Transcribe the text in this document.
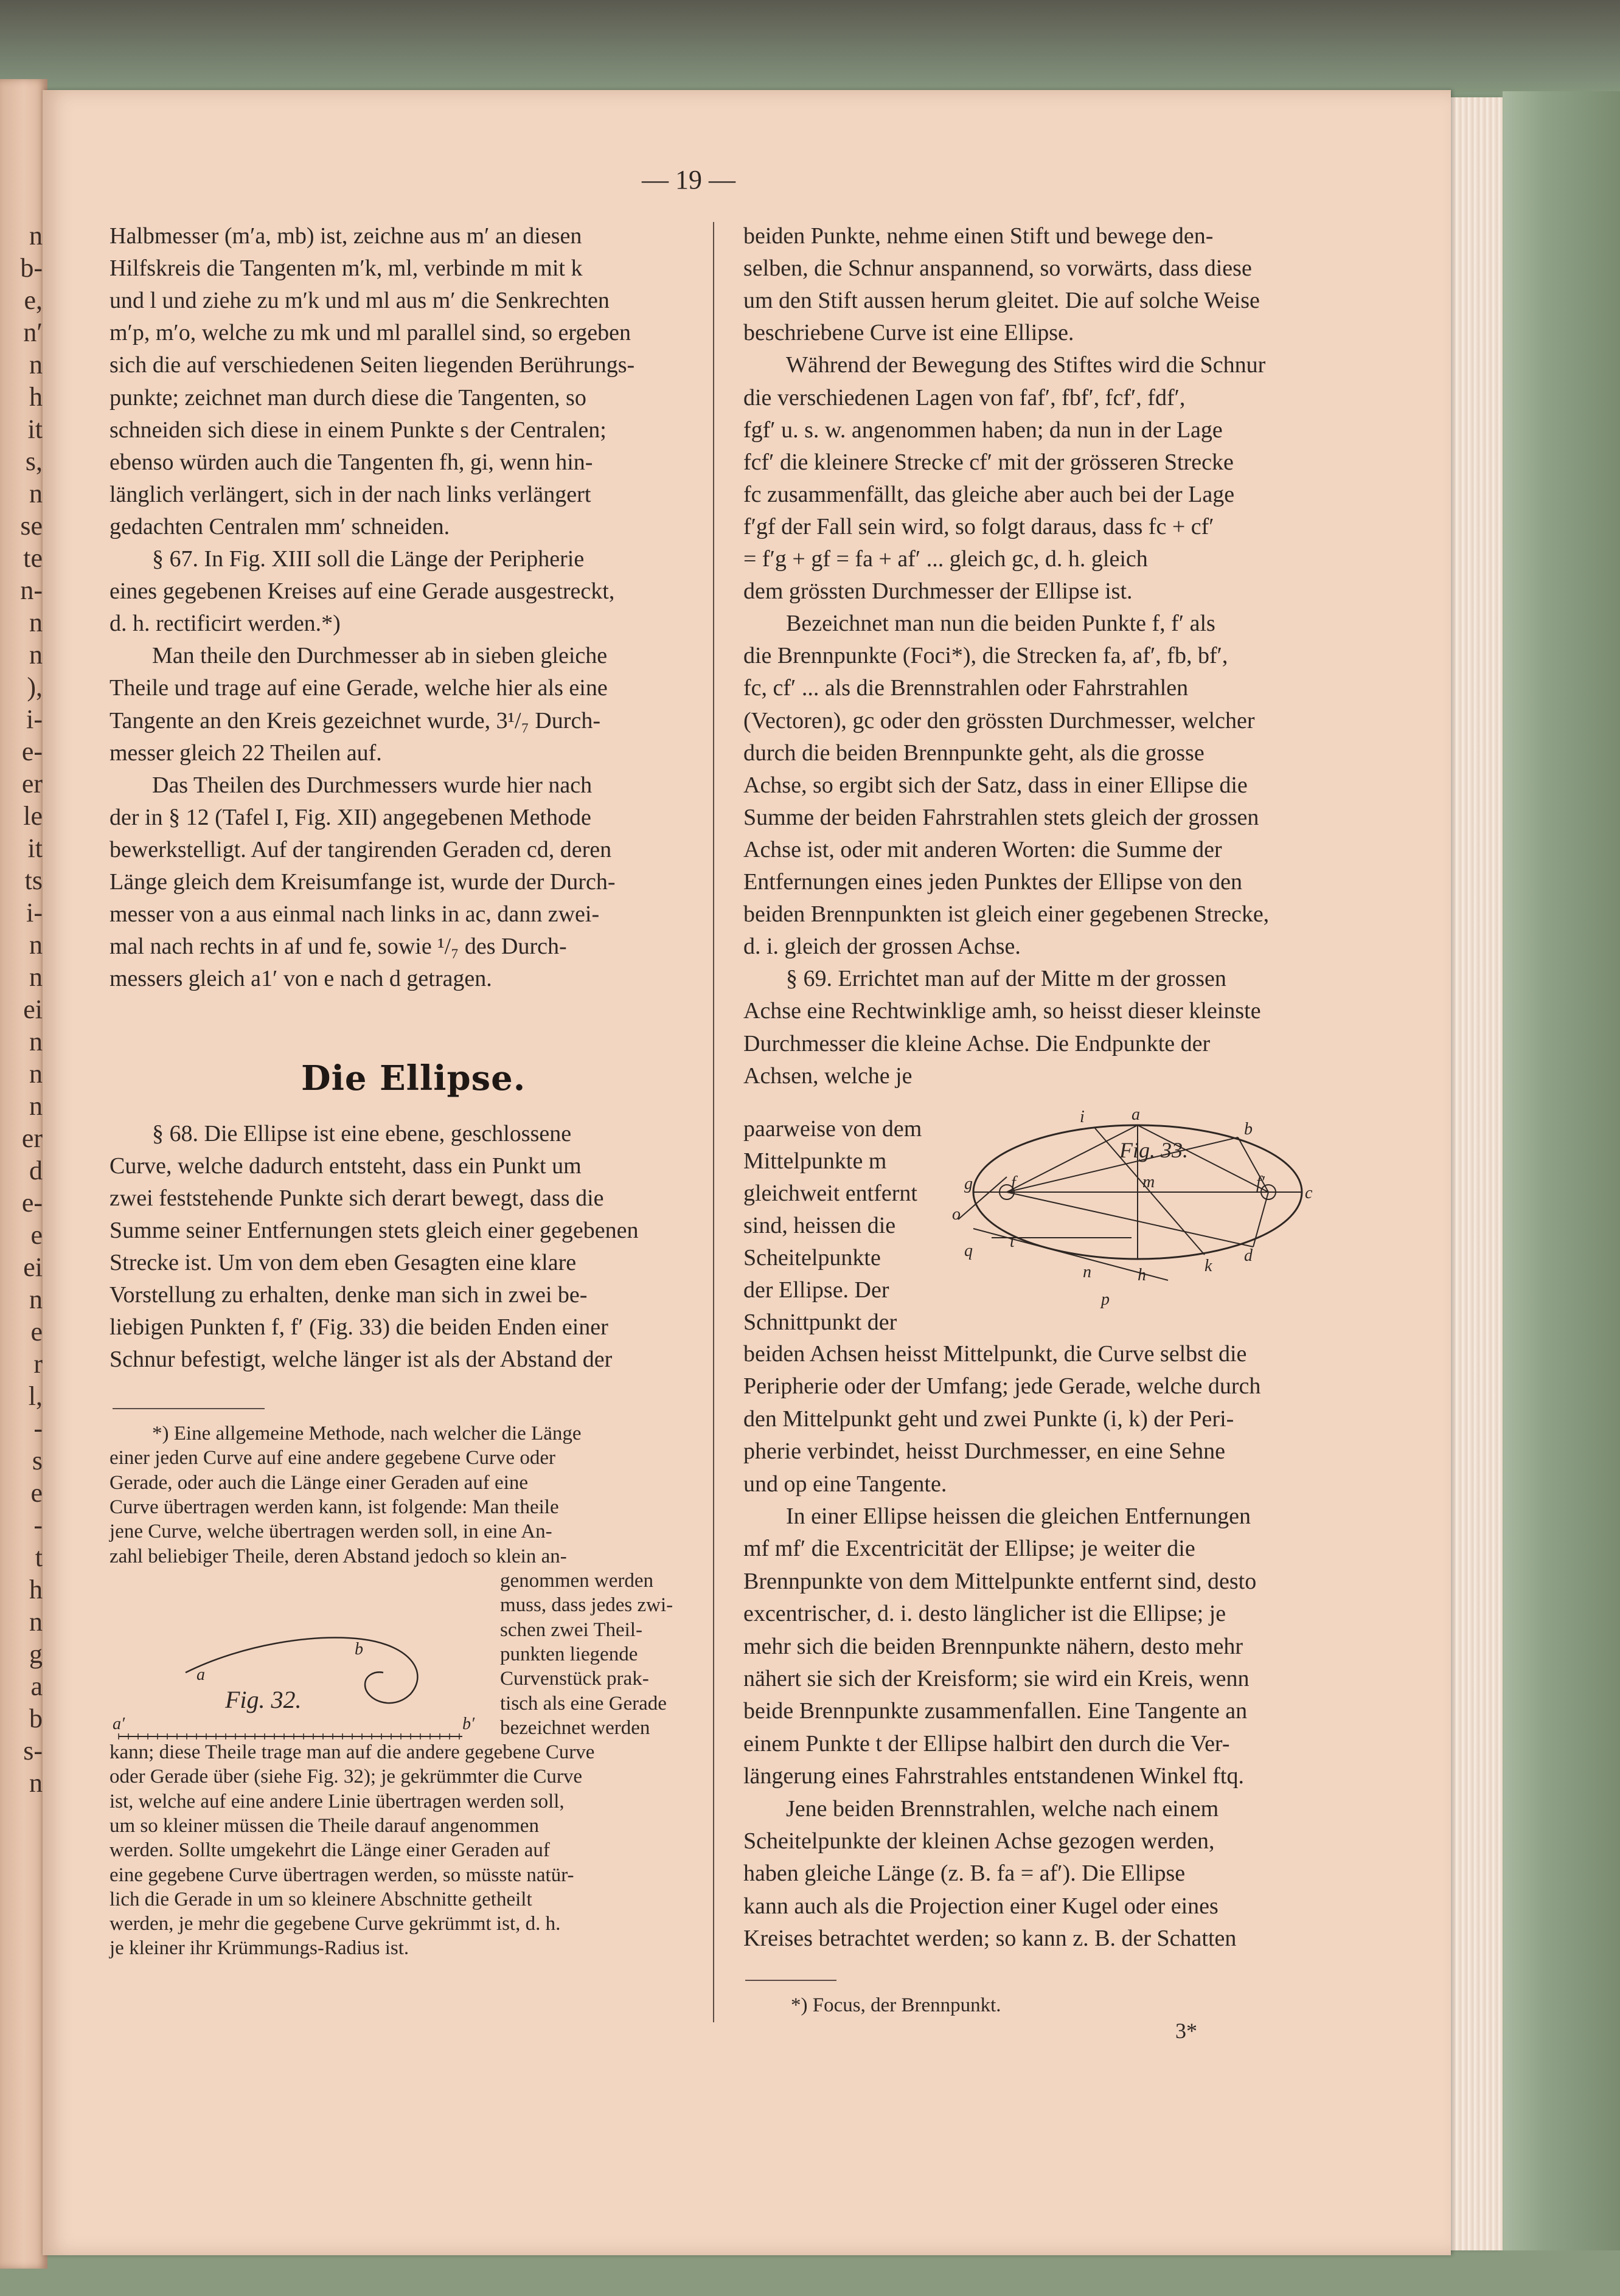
n
b-
e,
n′
n
h
it
s,
n
se
te
n-
n
n
),
i-
e-
er
le
it
ts
i-
n
n
ei
n
n
n
er
d
e-
e
ei
n
e
r
l,
-
s
e
-
t
h
n
g
a
b
s-
n
— 19 —
Halbmesser (m′a, mb) ist, zeichne aus m′ an diesen
Hilfskreis die Tangenten m′k, ml, verbinde m mit k
und l und ziehe zu m′k und ml aus m′ die Senkrechten
m′p, m′o, welche zu mk und ml parallel sind, so ergeben
sich die auf verschiedenen Seiten liegenden Berührungs-
punkte; zeichnet man durch diese die Tangenten, so
schneiden sich diese in einem Punkte s der Centralen;
ebenso würden auch die Tangenten fh, gi, wenn hin-
länglich verlängert, sich in der nach links verlängert
gedachten Centralen mm′ schneiden.
§ 67. In Fig. XIII soll die Länge der Peripherie
eines gegebenen Kreises auf eine Gerade ausgestreckt,
d. h. rectificirt werden.*)
Man theile den Durchmesser ab in sieben gleiche
Theile und trage auf eine Gerade, welche hier als eine
Tangente an den Kreis gezeichnet wurde, 3¹/₇ Durch-
messer gleich 22 Theilen auf.
Das Theilen des Durchmessers wurde hier nach
der in § 12 (Tafel I, Fig. XII) angegebenen Methode
bewerkstelligt. Auf der tangirenden Geraden cd, deren
Länge gleich dem Kreisumfange ist, wurde der Durch-
messer von a aus einmal nach links in ac, dann zwei-
mal nach rechts in af und fe, sowie ¹/₇ des Durch-
messers gleich a1′ von e nach d getragen.
Die Ellipse.
§ 68. Die Ellipse ist eine ebene, geschlossene
Curve, welche dadurch entsteht, dass ein Punkt um
zwei feststehende Punkte sich derart bewegt, dass die
Summe seiner Entfernungen stets gleich einer gegebenen
Strecke ist. Um von dem eben Gesagten eine klare
Vorstellung zu erhalten, denke man sich in zwei be-
liebigen Punkten f, f′ (Fig. 33) die beiden Enden einer
Schnur befestigt, welche länger ist als der Abstand der
*) Eine allgemeine Methode, nach welcher die Länge
einer jeden Curve auf eine andere gegebene Curve oder
Gerade, oder auch die Länge einer Geraden auf eine
Curve übertragen werden kann, ist folgende: Man theile
jene Curve, welche übertragen werden soll, in eine An-
zahl beliebiger Theile, deren Abstand jedoch so klein an-
genommen werden
muss, dass jedes zwi-
schen zwei Theil-
punkten liegende
Curvenstück prak-
tisch als eine Gerade
bezeichnet werden
kann; diese Theile trage man auf die andere gegebene Curve
oder Gerade über (siehe Fig. 32); je gekrümmter die Curve
ist, welche auf eine andere Linie übertragen werden soll,
um so kleiner müssen die Theile darauf angenommen
werden. Sollte umgekehrt die Länge einer Geraden auf
eine gegebene Curve übertragen werden, so müsste natür-
lich die Gerade in um so kleinere Abschnitte getheilt
werden, je mehr die gegebene Curve gekrümmt ist, d. h.
je kleiner ihr Krümmungs-Radius ist.
a
b
Fig. 32.
a′	b′
beiden Punkte, nehme einen Stift und bewege den-
selben, die Schnur anspannend, so vorwärts, dass diese
um den Stift aussen herum gleitet. Die auf solche Weise
beschriebene Curve ist eine Ellipse.
Während der Bewegung des Stiftes wird die Schnur
die verschiedenen Lagen von faf′, fbf′, fcf′, fdf′,
fgf′ u. s. w. angenommen haben; da nun in der Lage
fcf′ die kleinere Strecke cf′ mit der grösseren Strecke
fc zusammenfällt, das gleiche aber auch bei der Lage
f′gf der Fall sein wird, so folgt daraus, dass fc + cf′
= f′g + gf = fa + af′ ... gleich gc, d. h. gleich
dem grössten Durchmesser der Ellipse ist.
Bezeichnet man nun die beiden Punkte f, f′ als
die Brennpunkte (Foci*), die Strecken fa, af′, fb, bf′,
fc, cf′ ... als die Brennstrahlen oder Fahrstrahlen
(Vectoren), gc oder den grössten Durchmesser, welcher
durch die beiden Brennpunkte geht, als die grosse
Achse, so ergibt sich der Satz, dass in einer Ellipse die
Summe der beiden Fahrstrahlen stets gleich der grossen
Achse ist, oder mit anderen Worten: die Summe der
Entfernungen eines jeden Punktes der Ellipse von den
beiden Brennpunkten ist gleich einer gegebenen Strecke,
d. i. gleich der grossen Achse.
§ 69. Errichtet man auf der Mitte m der grossen
Achse eine Rechtwinklige amh, so heisst dieser kleinste
Durchmesser die kleine Achse. Die Endpunkte der
Achsen, welche je
paarweise von dem
Mittelpunkte m
gleichweit entfernt
sind, heissen die
Scheitelpunkte
der Ellipse. Der
Schnittpunkt der
Fig. 33.
a
i
b
c
g f	f′
m
o
q t
n	h	k
d
p
beiden Achsen heisst Mittelpunkt, die Curve selbst die
Peripherie oder der Umfang; jede Gerade, welche durch
den Mittelpunkt geht und zwei Punkte (i, k) der Peri-
pherie verbindet, heisst Durchmesser, en eine Sehne
und op eine Tangente.
In einer Ellipse heissen die gleichen Entfernungen
mf mf′ die Excentricität der Ellipse; je weiter die
Brennpunkte von dem Mittelpunkte entfernt sind, desto
excentrischer, d. i. desto länglicher ist die Ellipse; je
mehr sich die beiden Brennpunkte nähern, desto mehr
nähert sie sich der Kreisform; sie wird ein Kreis, wenn
beide Brennpunkte zusammenfallen. Eine Tangente an
einem Punkte t der Ellipse halbirt den durch die Ver-
längerung eines Fahrstrahles entstandenen Winkel ftq.
Jene beiden Brennstrahlen, welche nach einem
Scheitelpunkte der kleinen Achse gezogen werden,
haben gleiche Länge (z. B. fa = af′). Die Ellipse
kann auch als die Projection einer Kugel oder eines
Kreises betrachtet werden; so kann z. B. der Schatten
*) Focus, der Brennpunkt.
3*
